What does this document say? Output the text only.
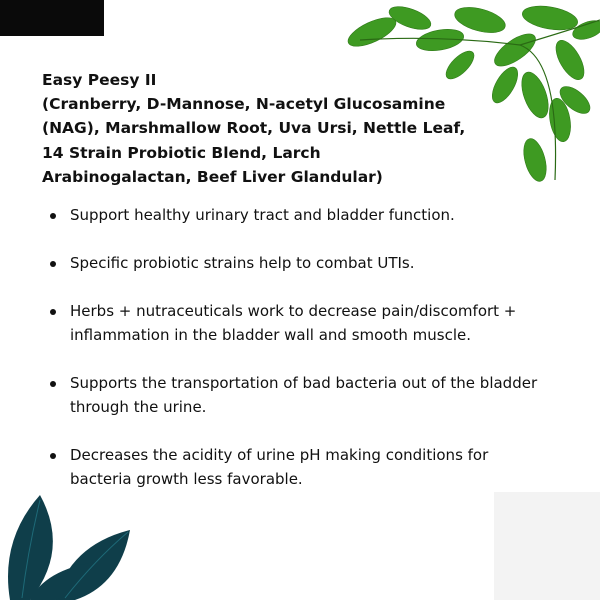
Easy Peesy II
(Cranberry, D-Mannose, N-acetyl Glucosamine
(NAG), Marshmallow Root, Uva Ursi, Nettle Leaf,
14 Strain Probiotic Blend, Larch
Arabinogalactan, Beef Liver Glandular)
Support healthy urinary tract and bladder function.
Specific probiotic strains help to combat UTIs.
Herbs + nutraceuticals work to decrease pain/discomfort + inflammation in the bladder wall and smooth muscle.
Supports the transportation of bad bacteria out of the bladder through the urine.
Decreases the acidity of urine pH making conditions for bacteria growth less favorable.
